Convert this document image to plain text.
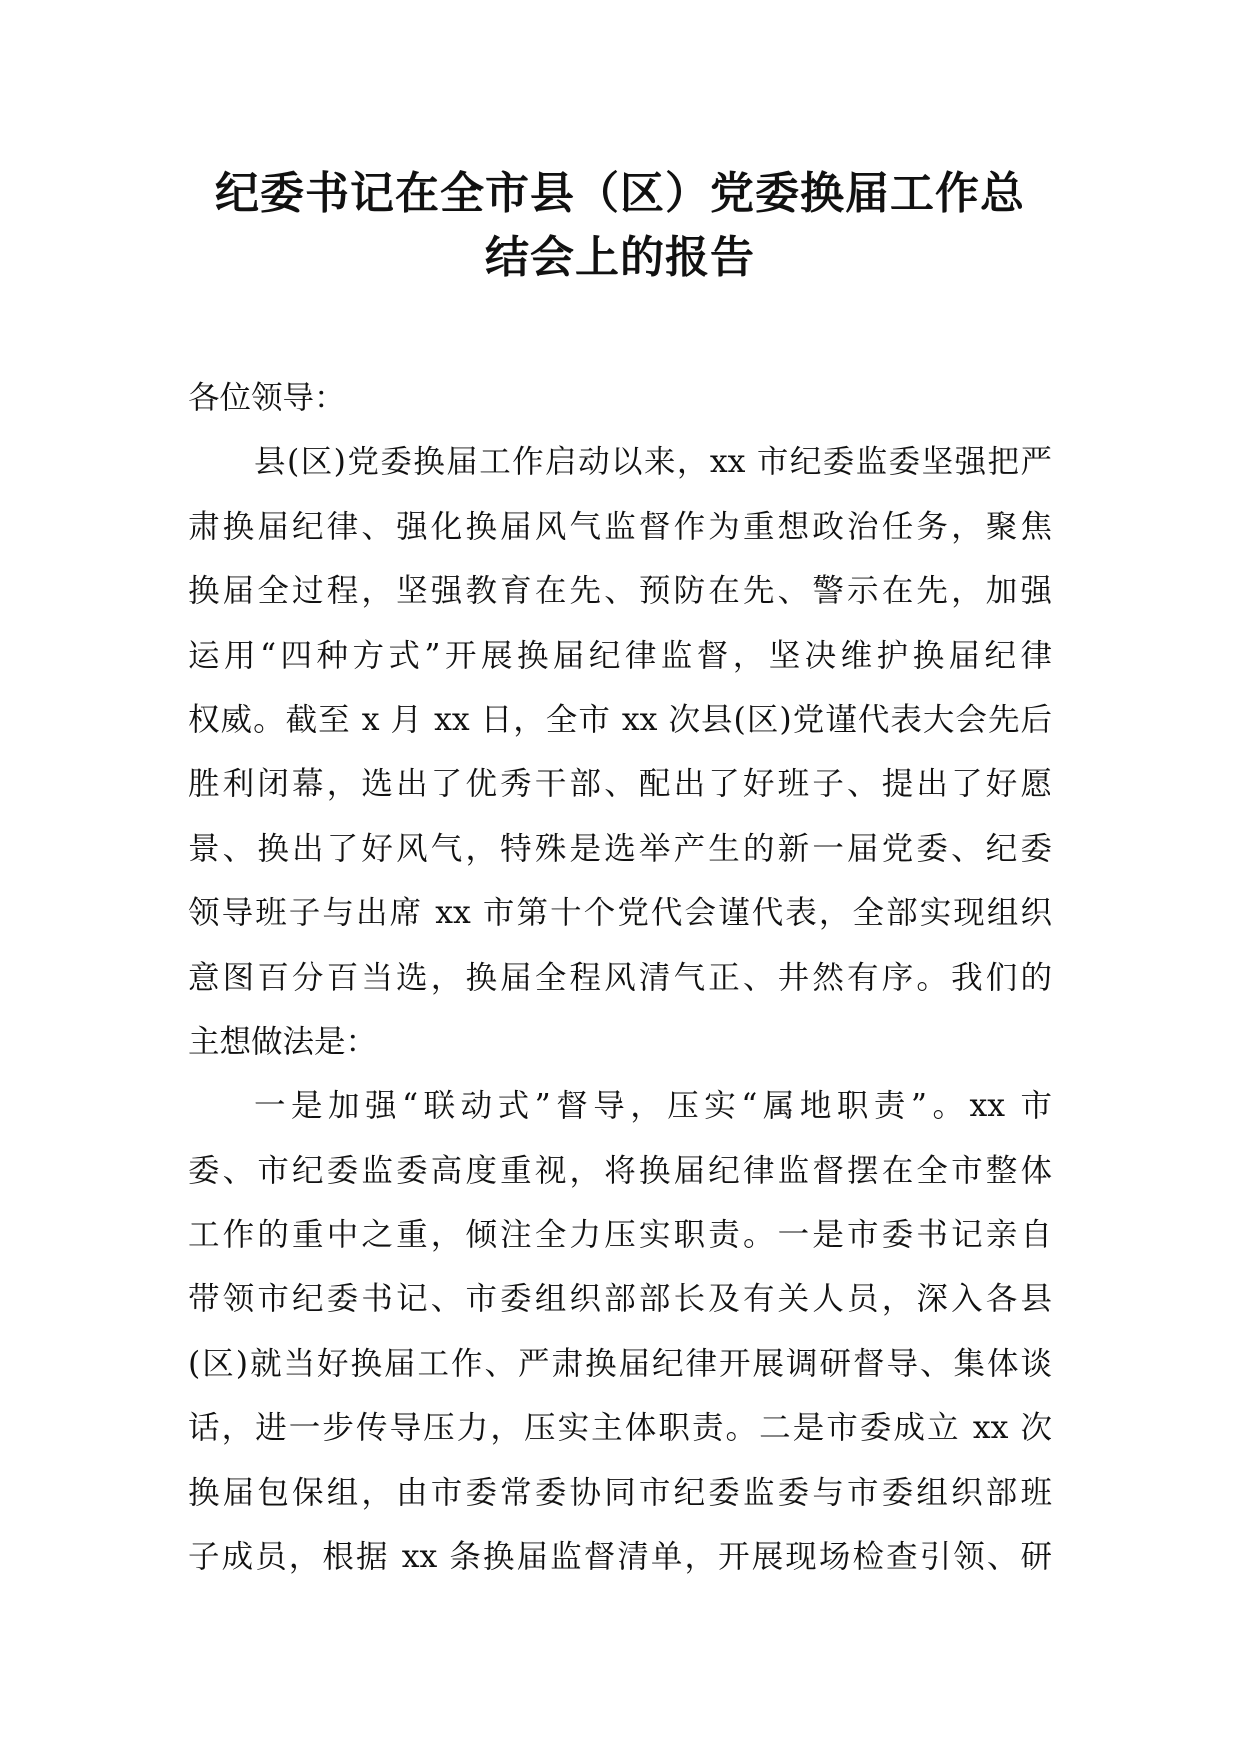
纪委书记在全市县（区）党委换届工作总
结会上的报告
各位领导：
县(区)党委换届工作启动以来，xx 市纪委监委坚强把严
肃换届纪律、强化换届风气监督作为重想政治任务，聚焦
换届全过程，坚强教育在先、预防在先、警示在先，加强
运用“四种方式”开展换届纪律监督，坚决维护换届纪律
权威。截至 x 月 xx 日，全市 xx 次县(区)党谨代表大会先后
胜利闭幕，选出了优秀干部、配出了好班子、提出了好愿
景、换出了好风气，特殊是选举产生的新一届党委、纪委
领导班子与出席 xx 市第十个党代会谨代表，全部实现组织
意图百分百当选，换届全程风清气正、井然有序。我们的
主想做法是：
一是加强“联动式”督导，压实“属地职责”。xx 市
委、市纪委监委高度重视，将换届纪律监督摆在全市整体
工作的重中之重，倾注全力压实职责。一是市委书记亲自
带领市纪委书记、市委组织部部长及有关人员，深入各县
(区)就当好换届工作、严肃换届纪律开展调研督导、集体谈
话，进一步传导压力，压实主体职责。二是市委成立 xx 次
换届包保组，由市委常委协同市纪委监委与市委组织部班
子成员，根据 xx 条换届监督清单，开展现场检查引领、研
